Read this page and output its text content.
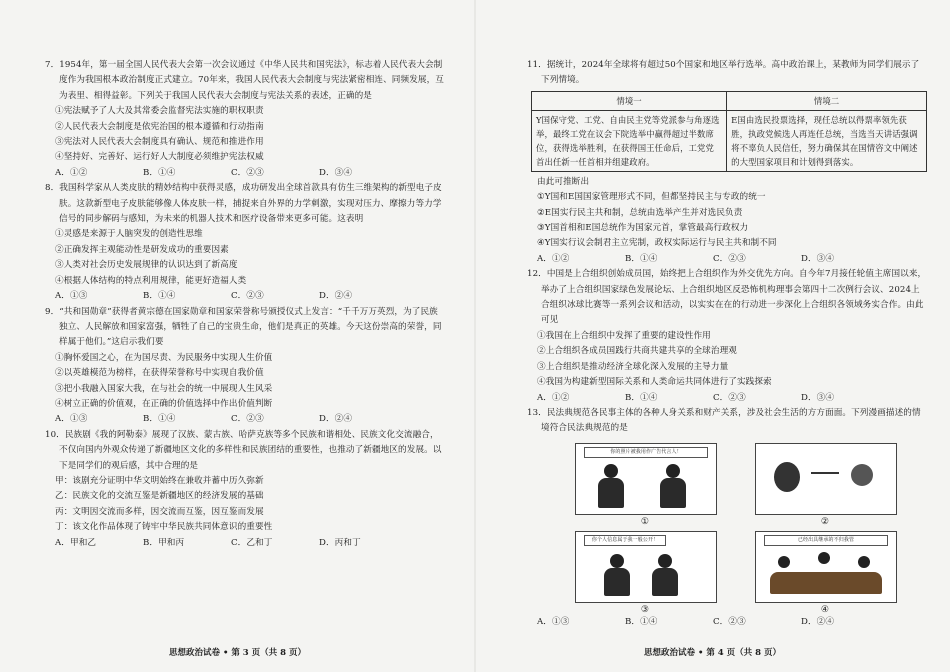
7．1954年，第一届全国人民代表大会第一次会议通过《中华人民共和国宪法》，标志着人民代表大会制度作为我国根本政治制度正式建立。70年来，我国人民代表大会制度与宪法紧密相连、同频发展，互为表里、相得益彰。下列关于我国人民代表大会制度与宪法关系的表述，正确的是
①宪法赋予了人大及其常委会监督宪法实施的职权职责
②人民代表大会制度是依宪治国的根本遵循和行动指南
③宪法对人民代表大会制度具有确认、规范和推进作用
④坚持好、完善好、运行好人大制度必须维护宪法权威
A．①②	B．①④	C．②③	D．③④
8．我国科学家从人类皮肤的精妙结构中获得灵感，成功研发出全球首款具有仿生三维架构的新型电子皮肤。这款新型电子皮肤能够像人体皮肤一样，捕捉来自外界的力学刺激，实现对压力、摩擦力等力学信号的同步解码与感知，为未来的机器人技术和医疗设备带来更多可能。这表明
①灵感是来源于人脑突发的创造性思维
②正确发挥主观能动性是研发成功的重要因素
③人类对社会历史发展规律的认识达到了新高度
④根据人体结构的特点利用规律，能更好造福人类
A．①③	B．①④	C．②③	D．②④
9．“共和国勋章”获得者黄宗德在国家勋章和国家荣誉称号颁授仪式上发言：“千千万万英烈，为了民族独立、人民解放和国家富强，牺牲了自己的宝贵生命，他们是真正的英雄。今天这份崇高的荣誉，同样属于他们。”这启示我们要
①胸怀爱国之心，在为国尽责、为民服务中实现人生价值
②以英雄模范为榜样，在获得荣誉称号中实现自我价值
③把小我融入国家大我，在与社会的统一中展现人生风采
④树立正确的价值观，在正确的价值选择中作出价值判断
A．①③	B．①④	C．②③	D．②④
10．民族剧《我的阿勒泰》展现了汉族、蒙古族、哈萨克族等多个民族和谐相处、民族文化交流融合，不仅向国内外观众传递了新疆地区文化的多样性和民族团结的重要性，也推动了新疆地区的发展。以下是同学们的观后感，其中合理的是
甲：该剧充分证明中华文明始终在兼收并蓄中历久弥新
乙：民族文化的交流互鉴是新疆地区的经济发展的基础
丙：文明因交流而多样，因交流而互鉴，因互鉴而发展
丁：该文化作品体现了铸牢中华民族共同体意识的重要性
A．甲和乙	B．甲和丙	C．乙和丁	D．丙和丁
思想政治试卷 • 第 3 页（共 8 页）
11．据统计，2024年全球将有超过50个国家和地区举行选举。高中政治课上，某教师为同学们展示了下列情境。
情境一	情境二
Y国保守党、工党、自由民主党等党派参与角逐选举，最终工党在议会下院选举中赢得超过半数席位，获得选举胜利，在获得国王任命后，工党党首出任新一任首相并组建政府。	E国由选民投票选择，现任总统以得票率领先获胜，执政党候选人再连任总统，当选当天讲话强调将不辜负人民信任，努力确保其在国情咨文中阐述的大型国家项目和计划得到落实。
由此可推断出
①Y国和E国国家管理形式不同，但都坚持民主与专政的统一
②E国实行民主共和制，总统由选举产生并对选民负责
③Y国首相和E国总统作为国家元首，掌管最高行政权力
④Y国实行议会制君主立宪制，政权实际运行与民主共和制不同
A．①②	B．①④	C．②③	D．③④
12．中国是上合组织创始成员国，始终把上合组织作为外交优先方向。自今年7月接任轮值主席国以来，举办了上合组织国家绿色发展论坛、上合组织地区反恐怖机构理事会第四十二次例行会议、2024上合组织冰球比赛等一系列会议和活动，以实实在在的行动进一步深化上合组织各领域务实合作。由此可见
①我国在上合组织中发挥了重要的建设性作用
②上合组织各成员国践行共商共建共享的全球治理观
③上合组织是推动经济全球化深入发展的主导力量
④我国为构建新型国际关系和人类命运共同体进行了实践探索
A．①②	B．①④	C．②③	D．③④
13．民法典规范各民事主体的各种人身关系和财产关系，涉及社会生活的方方面面。下列漫画描述的情境符合民法典规范的是
你的照片被我用作广告代言人！
①	②
你个人信息属于我一般公开！
③
已经出具继承的不归我管
④
A．①③	B．①④	C．②③	D．②④
思想政治试卷 • 第 4 页（共 8 页）
